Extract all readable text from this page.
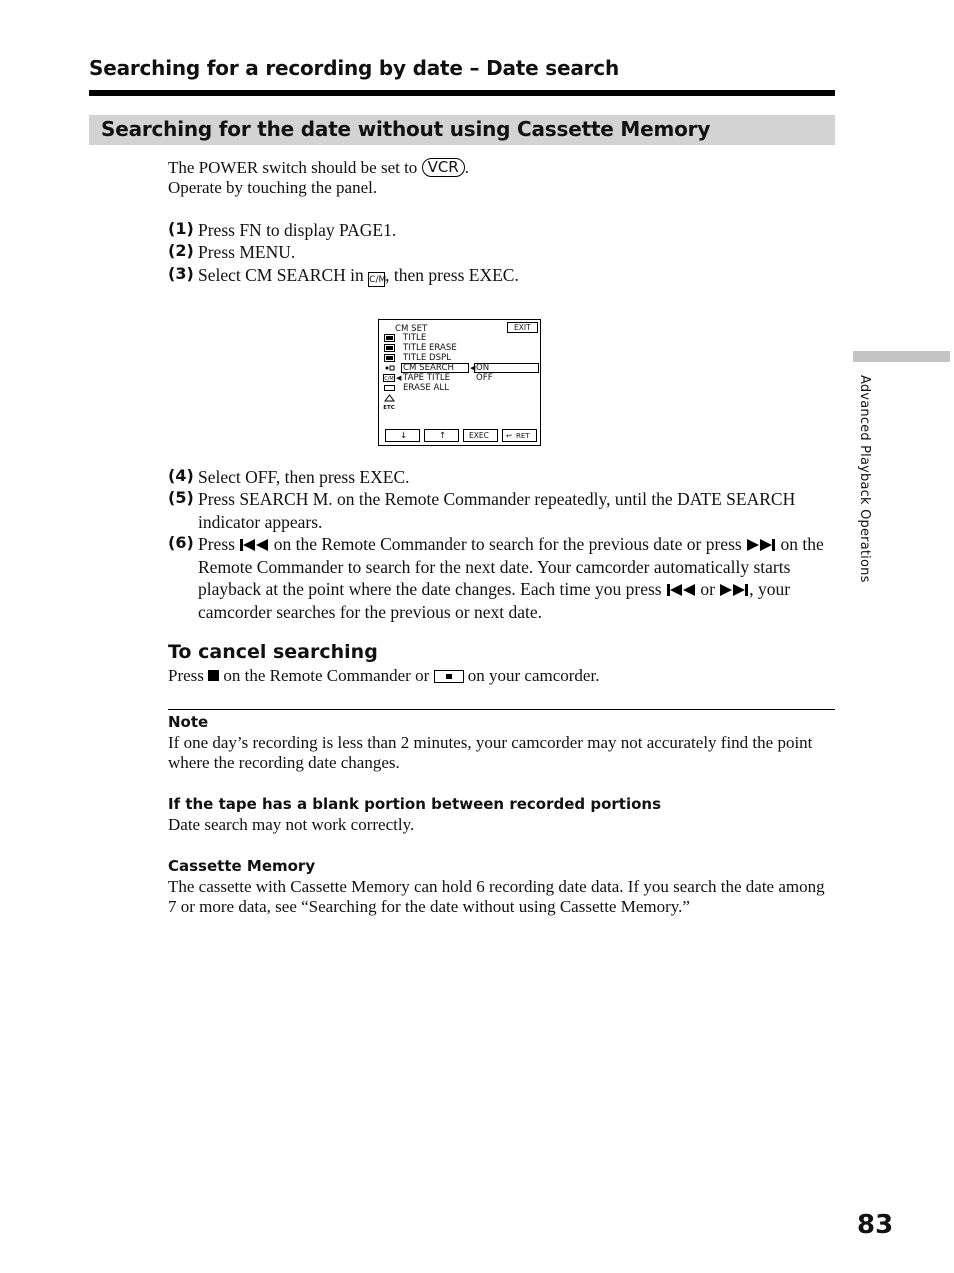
Searching for a recording by date – Date search
Searching for the date without using Cassette Memory
The POWER switch should be set to VCR .
Operate by touching the panel.
(1) Press FN to display PAGE1.
(2) Press MENU.
(3) Select CM SEARCH in C/M, then press EXEC.
CM SET	EXIT
C/M
ETC
TITLE
TITLE ERASE
TITLE DSPL
CM SEARCH ◀
◀ TAPE TITLE
ERASE ALL
ON
OFF
↓	↑	EXEC ↩ RET
(4) Select OFF, then press EXEC.
(5) Press SEARCH M. on the Remote Commander repeatedly, until the DATE SEARCH indicator appears.
(6) Press on the Remote Commander to search for the previous date or press on the Remote Commander to search for the next date. Your camcorder automatically starts playback at the point where the date changes. Each time you press or , your camcorder searches for the previous or next date.
To cancel searching
Press on the Remote Commander or on your camcorder.
Note
If one day’s recording is less than 2 minutes, your camcorder may not accurately find the point where the recording date changes.
If the tape has a blank portion between recorded portions
Date search may not work correctly.
Cassette Memory
The cassette with Cassette Memory can hold 6 recording date data. If you search the date among 7 or more data, see “Searching for the date without using Cassette Memory.”
Advanced Playback Operations
83
